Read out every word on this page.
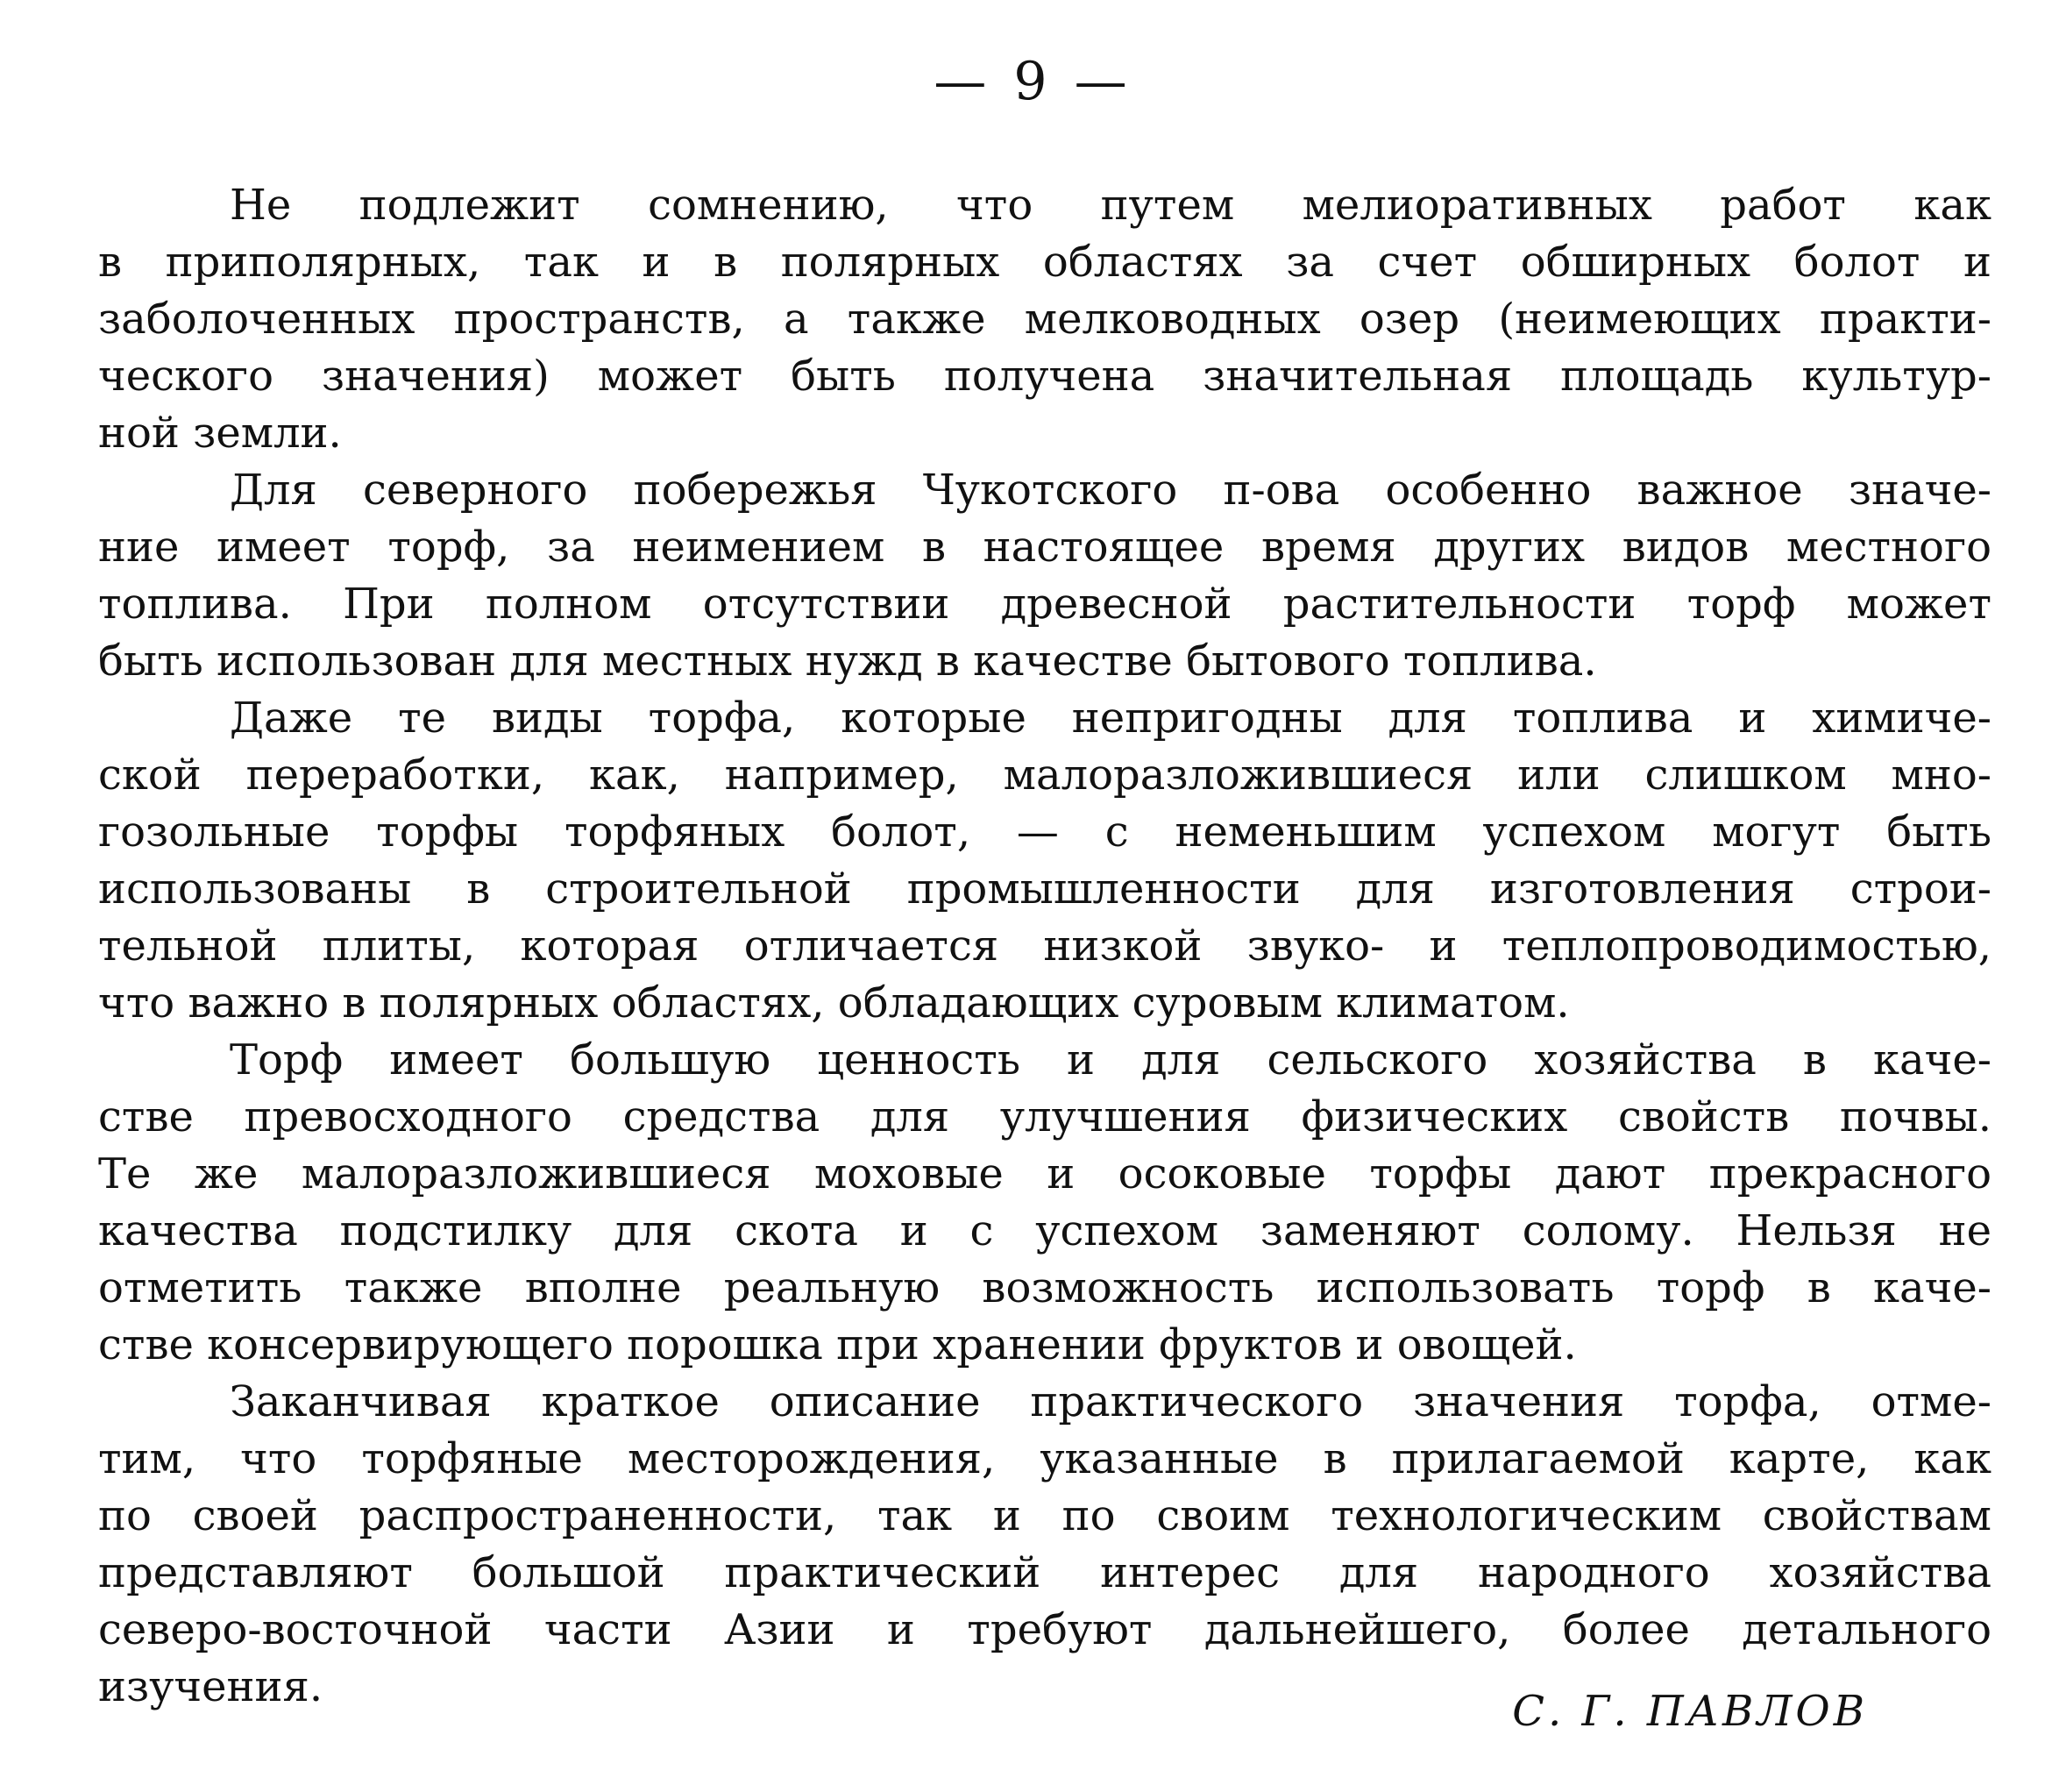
— 9 —
Не подлежит сомнению, что путем мелиоративных работ как
в приполярных, так и в полярных областях за счет обширных болот и
заболоченных пространств, а также мелководных озер (неимеющих практи-
ческого значения) может быть получена значительная площадь культур-
ной земли.
Для северного побережья Чукотского п-ова особенно важное значе-
ние имеет торф, за неимением в настоящее время других видов местного
топлива. При полном отсутствии древесной растительности торф может
быть использован для местных нужд в качестве бытового топлива.
Даже те виды торфа, которые непригодны для топлива и химиче-
ской переработки, как, например, малоразложившиеся или слишком мно-
гозольные торфы торфяных болот, — с неменьшим успехом могут быть
использованы в строительной промышленности для изготовления строи-
тельной плиты, которая отличается низкой звуко- и теплопроводимостью,
что важно в полярных областях, обладающих суровым климатом.
Торф имеет большую ценность и для сельского хозяйства в каче-
стве превосходного средства для улучшения физических свойств почвы.
Те же малоразложившиеся моховые и осоковые торфы дают прекрасного
качества подстилку для скота и с успехом заменяют солому. Нельзя не
отметить также вполне реальную возможность использовать торф в каче-
стве консервирующего порошка при хранении фруктов и овощей.
Заканчивая краткое описание практического значения торфа, отме-
тим, что торфяные месторождения, указанные в прилагаемой карте, как
по своей распространенности, так и по своим технологическим свойствам
представляют большой практический интерес для народного хозяйства
северо-восточной части Азии и требуют дальнейшего, более детального
изучения.	С. Г. ПАВЛОВ
